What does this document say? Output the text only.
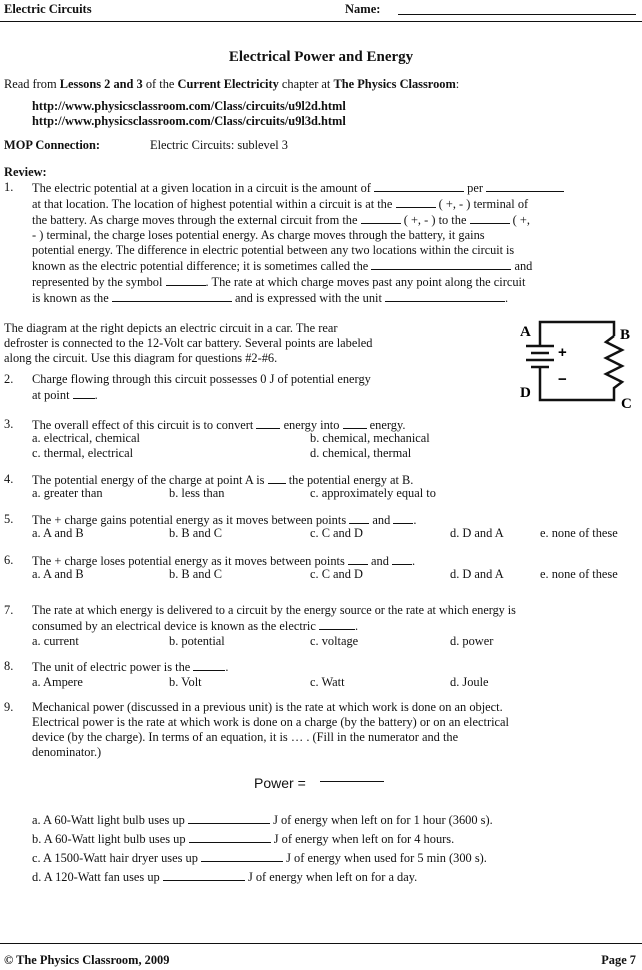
Electric Circuits	Name:
Electrical Power and Energy
Read from Lessons 2 and 3 of the Current Electricity chapter at The Physics Classroom:
http://www.physicsclassroom.com/Class/circuits/u9l2d.html
http://www.physicsclassroom.com/Class/circuits/u9l3d.html
MOP Connection:	Electric Circuits: sublevel 3
Review:
1. The electric potential at a given location in a circuit is the amount of	per
at that location. The location of highest potential within a circuit is at the	( +, - ) terminal of
the battery. As charge moves through the external circuit from the	( +, - ) to the	( +,
- ) terminal, the charge loses potential energy. As charge moves through the battery, it gains
potential energy. The difference in electric potential between any two locations within the circuit is
known as the electric potential difference; it is sometimes called the	and
represented by the symbol	. The rate at which charge moves past any point along the circuit
is known as the	and is expressed with the unit	.
The diagram at the right depicts an electric circuit in a car. The rear
defroster is connected to the 12-Volt car battery. Several points are labeled
along the circuit. Use this diagram for questions #2-#6.
A	B
C
D
+
−
2. Charge flowing through this circuit possesses 0 J of potential energy
at point .
3. The overall effect of this circuit is to convert energy into energy.
a. electrical, chemical	b. chemical, mechanical
c. thermal, electrical	d. chemical, thermal
4. The potential energy of the charge at point A is the potential energy at B.
a. greater than	b. less than	c. approximately equal to
5. The + charge gains potential energy as it moves between points and .
a. A and B	b. B and C	c. C and D	d. D and A	e. none of these
6. The + charge loses potential energy as it moves between points and .
a. A and B	b. B and C	c. C and D	d. D and A	e. none of these
7. The rate at which energy is delivered to a circuit by the energy source or the rate at which energy is
consumed by an electrical device is known as the electric	.
a. current	b. potential	c. voltage	d. power
8. The unit of electric power is the	.
a. Ampere	b. Volt	c. Watt	d. Joule
9. Mechanical power (discussed in a previous unit) is the rate at which work is done on an object.
Electrical power is the rate at which work is done on a charge (by the battery) or on an electrical
device (by the charge). In terms of an equation, it is … . (Fill in the numerator and the
denominator.)
Power =
a. A 60-Watt light bulb uses up	J of energy when left on for 1 hour (3600 s).
b. A 60-Watt light bulb uses up	J of energy when left on for 4 hours.
c. A 1500-Watt hair dryer uses up	J of energy when used for 5 min (300 s).
d. A 120-Watt fan uses up	J of energy when left on for a day.
© The Physics Classroom, 2009	Page 7
